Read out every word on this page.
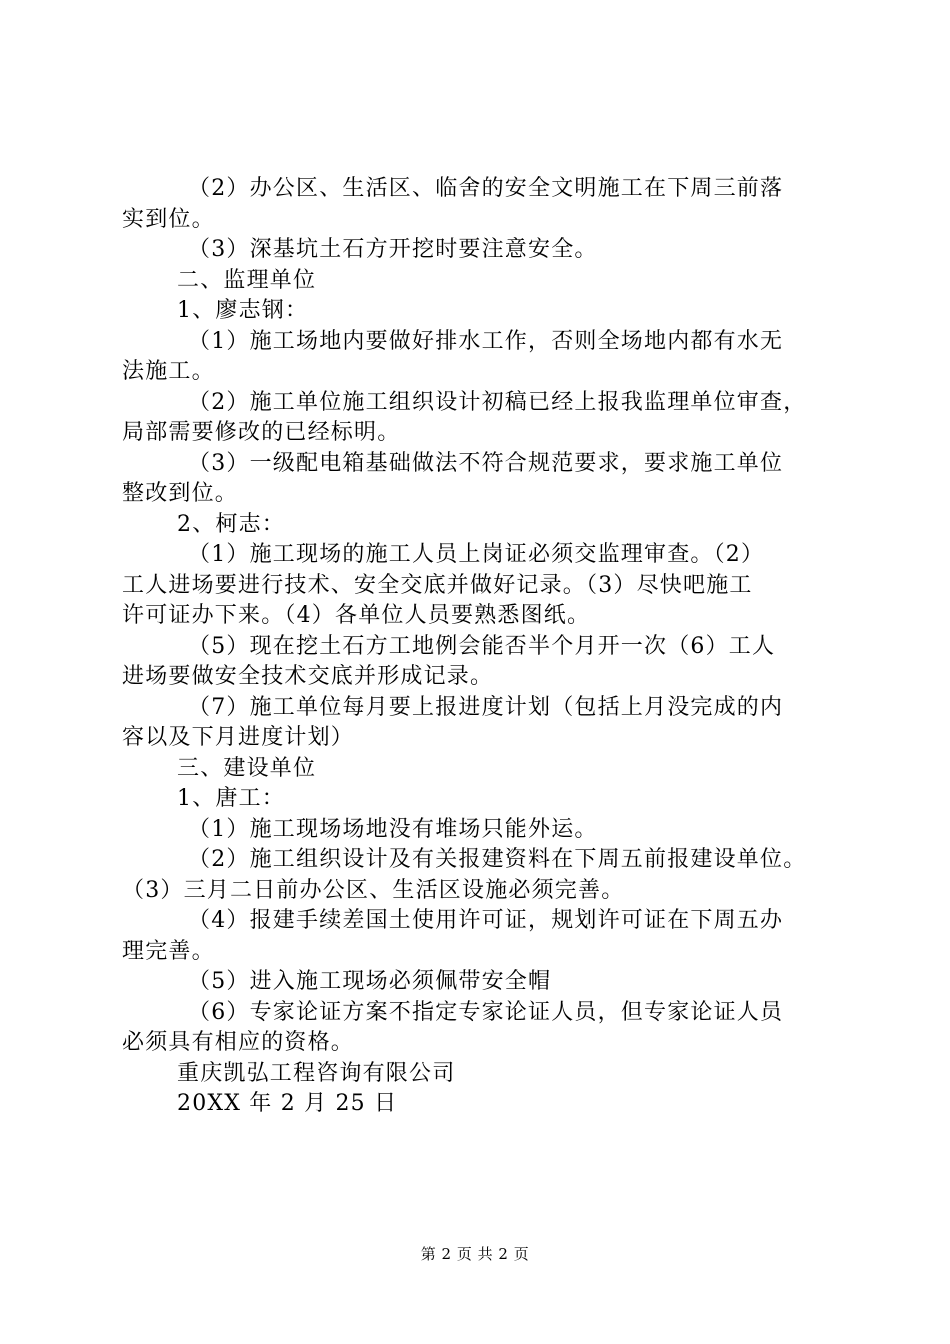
（2）办公区、生活区、临舍的安全文明施工在下周三前落
实到位。
（3）深基坑土石方开挖时要注意安全。
二、监理单位
1、廖志钢：
（1）施工场地内要做好排水工作，否则全场地内都有水无
法施工。
（2）施工单位施工组织设计初稿已经上报我监理单位审查，
局部需要修改的已经标明。
（3）一级配电箱基础做法不符合规范要求，要求施工单位
整改到位。
2、柯志：
（1）施工现场的施工人员上岗证必须交监理审查。（2）
工人进场要进行技术、安全交底并做好记录。（3）尽快吧施工
许可证办下来。（4）各单位人员要熟悉图纸。
（5）现在挖土石方工地例会能否半个月开一次（6）工人
进场要做安全技术交底并形成记录。
（7）施工单位每月要上报进度计划（包括上月没完成的内
容以及下月进度计划）
三、建设单位
1、唐工：
（1）施工现场场地没有堆场只能外运。
（2）施工组织设计及有关报建资料在下周五前报建设单位。
（3）三月二日前办公区、生活区设施必须完善。
（4）报建手续差国土使用许可证，规划许可证在下周五办
理完善。
（5）进入施工现场必须佩带安全帽
（6）专家论证方案不指定专家论证人员，但专家论证人员
必须具有相应的资格。
重庆凯弘工程咨询有限公司
20XX 年 2 月 25 日
第 2 页 共 2 页
